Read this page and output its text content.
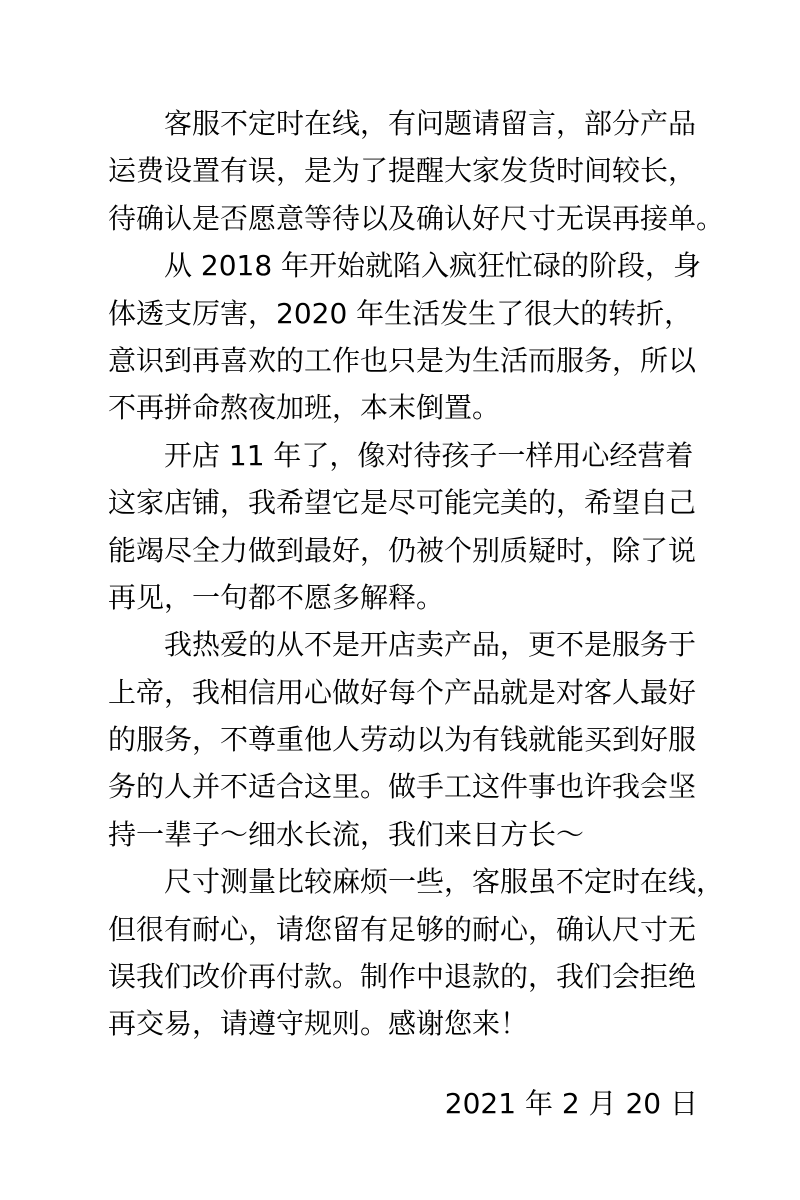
客服不定时在线，有问题请留言，部分产品
运费设置有误，是为了提醒大家发货时间较长，
待确认是否愿意等待以及确认好尺寸无误再接单。
从 2018 年开始就陷入疯狂忙碌的阶段，身
体透支厉害，2020 年生活发生了很大的转折，
意识到再喜欢的工作也只是为生活而服务，所以
不再拼命熬夜加班，本末倒置。
开店 11 年了，像对待孩子一样用心经营着
这家店铺，我希望它是尽可能完美的，希望自己
能竭尽全力做到最好，仍被个别质疑时，除了说
再见，一句都不愿多解释。
我热爱的从不是开店卖产品，更不是服务于
上帝，我相信用心做好每个产品就是对客人最好
的服务，不尊重他人劳动以为有钱就能买到好服
务的人并不适合这里。做手工这件事也许我会坚
持一辈子～细水长流，我们来日方长～
尺寸测量比较麻烦一些，客服虽不定时在线，
但很有耐心，请您留有足够的耐心，确认尺寸无
误我们改价再付款。制作中退款的，我们会拒绝
再交易，请遵守规则。感谢您来！
2021 年 2 月 20 日
